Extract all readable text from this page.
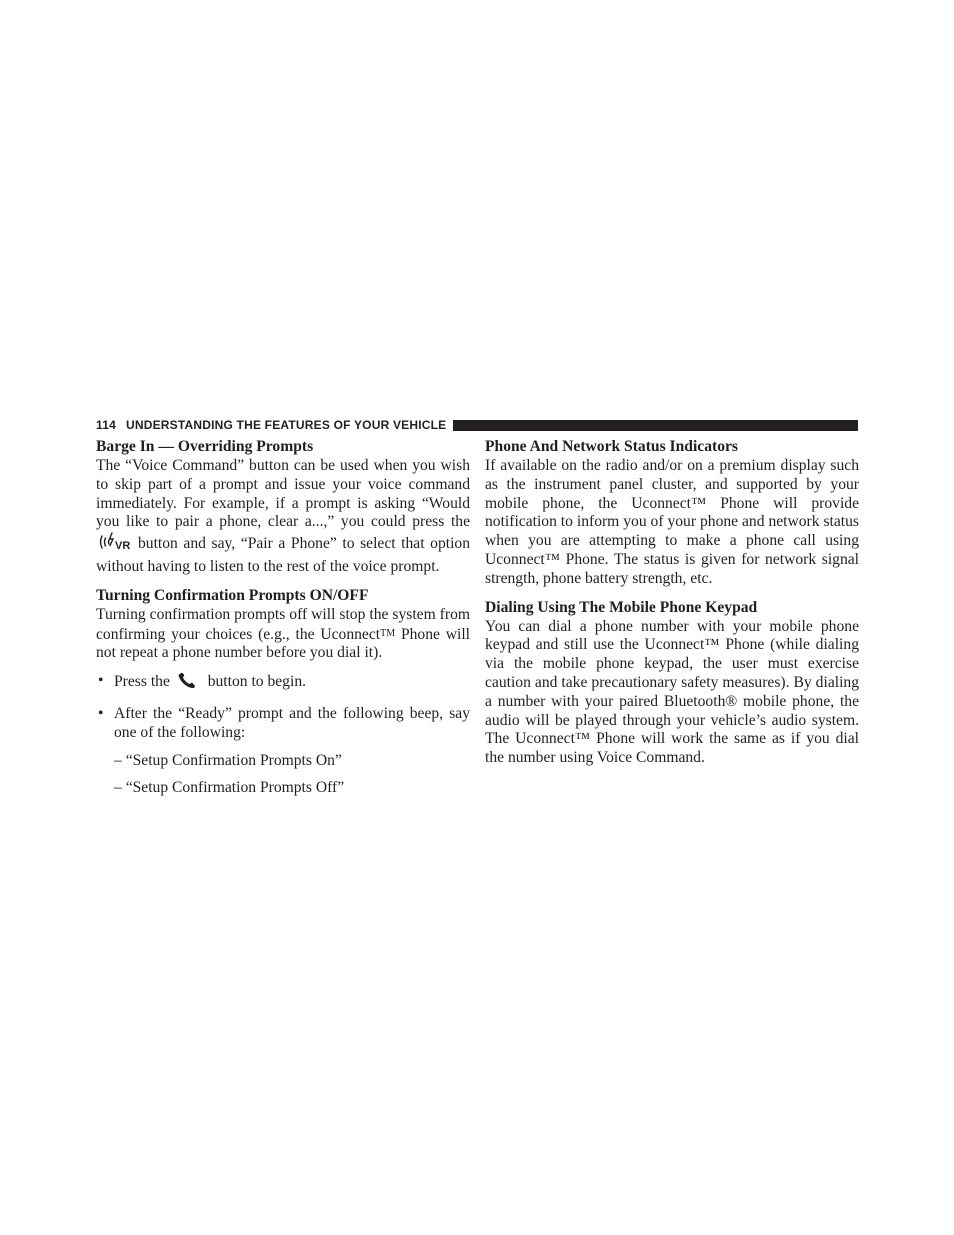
114 UNDERSTANDING THE FEATURES OF YOUR VEHICLE
Barge In — Overriding Prompts

The “Voice Command” button can be used when you wish to skip part of a prompt and issue your voice command immediately. For example, if a prompt is asking “Would you like to pair a phone, clear a...,” you could press the
VR button and say, “Pair a Phone” to select that option without having to listen to the rest of the voice prompt.

Turning Confirmation Prompts ON/OFF

Turning confirmation prompts off will stop the system from confirming your choices (e.g., the UconnectTM Phone will not repeat a phone number before you dial it).

• Press the button to begin.
• After the “Ready” prompt and the following beep, say one of the following:
– “Setup Confirmation Prompts On”
– “Setup Confirmation Prompts Off”
Phone And Network Status Indicators

If available on the radio and/or on a premium display such as the instrument panel cluster, and supported by your mobile phone, the Uconnect™ Phone will provide notification to inform you of your phone and network status when you are attempting to make a phone call using Uconnect™ Phone. The status is given for network signal strength, phone battery strength, etc.

Dialing Using The Mobile Phone Keypad

You can dial a phone number with your mobile phone keypad and still use the Uconnect™ Phone (while dialing via the mobile phone keypad, the user must exercise caution and take precautionary safety measures). By dialing a number with your paired Bluetooth® mobile phone, the audio will be played through your vehicle’s audio system. The Uconnect™ Phone will work the same as if you dial the number using Voice Command.
